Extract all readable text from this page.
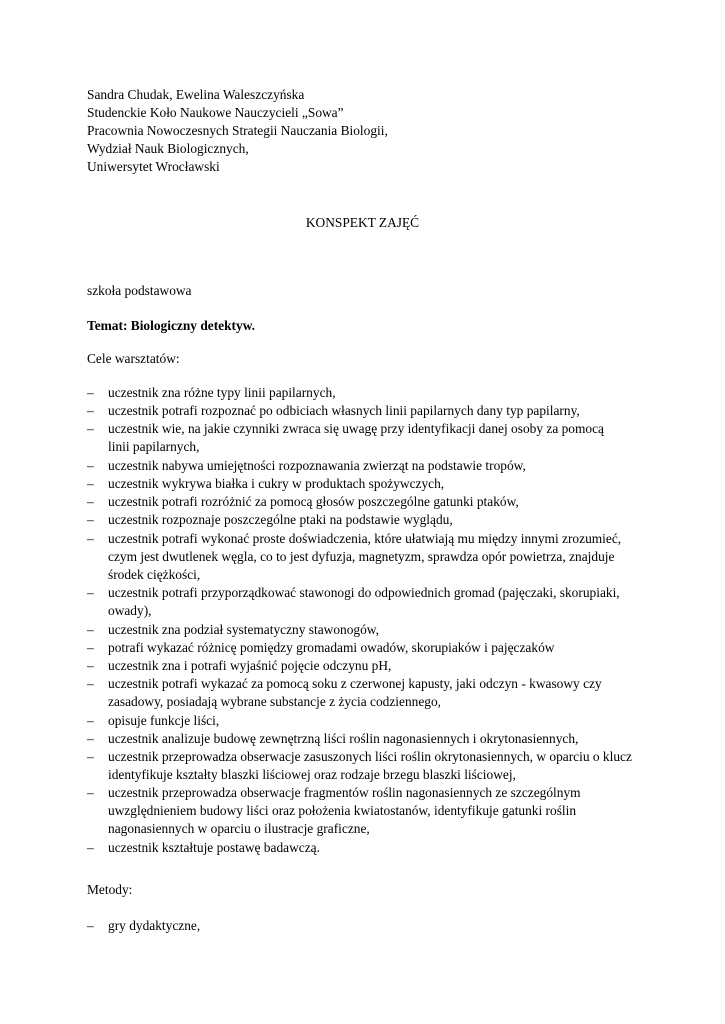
Sandra Chudak, Ewelina Waleszczyńska
Studenckie Koło Naukowe Nauczycieli „Sowa”
Pracownia Nowoczesnych Strategii Nauczania Biologii,
Wydział Nauk Biologicznych,
Uniwersytet Wrocławski
KONSPEKT ZAJĘĆ
szkoła podstawowa
Temat: Biologiczny detektyw.
Cele warsztatów:
– uczestnik zna różne typy linii papilarnych,
– uczestnik potrafi rozpoznać po odbiciach własnych linii papilarnych dany typ papilarny,
– uczestnik wie, na jakie czynniki zwraca się uwagę przy identyfikacji danej osoby za pomocą
linii papilarnych,
– uczestnik nabywa umiejętności rozpoznawania zwierząt na podstawie tropów,
– uczestnik wykrywa białka i cukry w produktach spożywczych,
– uczestnik potrafi rozróżnić za pomocą głosów poszczególne gatunki ptaków,
– uczestnik rozpoznaje poszczególne ptaki na podstawie wyglądu,
– uczestnik potrafi wykonać proste doświadczenia, które ułatwiają mu między innymi zrozumieć,
czym jest dwutlenek węgla, co to jest dyfuzja, magnetyzm, sprawdza opór powietrza, znajduje
środek ciężkości,
– uczestnik potrafi przyporządkować stawonogi do odpowiednich gromad (pajęczaki, skorupiaki,
owady),
– uczestnik zna podział systematyczny stawonogów,
– potrafi wykazać różnicę pomiędzy gromadami owadów, skorupiaków i pajęczaków
– uczestnik zna i potrafi wyjaśnić pojęcie odczynu pH,
– uczestnik potrafi wykazać za pomocą soku z czerwonej kapusty, jaki odczyn - kwasowy czy
zasadowy, posiadają wybrane substancje z życia codziennego,
– opisuje funkcje liści,
– uczestnik analizuje budowę zewnętrzną liści roślin nagonasiennych i okrytonasiennych,
– uczestnik przeprowadza obserwacje zasuszonych liści roślin okrytonasiennych, w oparciu o klucz
identyfikuje kształty blaszki liściowej oraz rodzaje brzegu blaszki liściowej,
– uczestnik przeprowadza obserwacje fragmentów roślin nagonasiennych ze szczególnym
uwzględnieniem budowy liści oraz położenia kwiatostanów, identyfikuje gatunki roślin
nagonasiennych w oparciu o ilustracje graficzne,
– uczestnik kształtuje postawę badawczą.
Metody:
– gry dydaktyczne,
